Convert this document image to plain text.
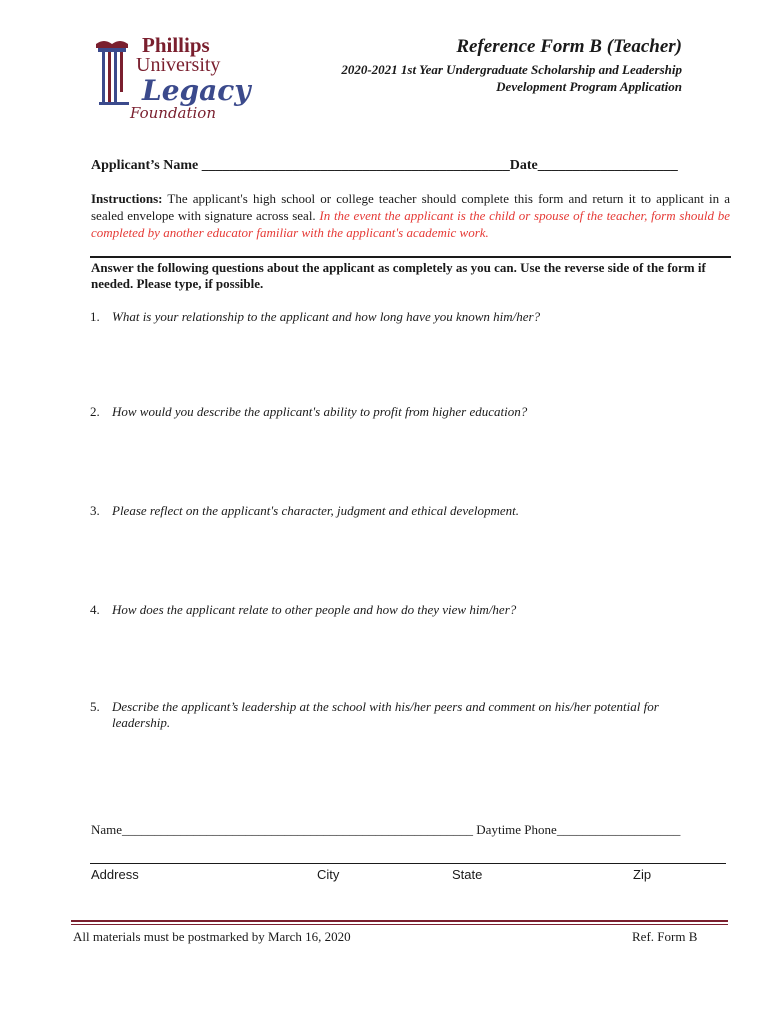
Phillips
University
Legacy
Foundation
Reference Form B (Teacher)
2020-2021 1st Year Undergraduate Scholarship and Leadership
Development Program Application
Applicant’s Name ____________________________________________Date____________________
Instructions: The applicant's high school or college teacher should complete this form and return it to applicant in a sealed envelope with signature across seal. In the event the applicant is the child or spouse of the teacher, form should be completed by another educator familiar with the applicant's academic work.
Answer the following questions about the applicant as completely as you can. Use the reverse side of the form if needed. Please type, if possible.
1. What is your relationship to the applicant and how long have you known him/her?
2. How would you describe the applicant's ability to profit from higher education?
3. Please reflect on the applicant's character, judgment and ethical development.
4. How does the applicant relate to other people and how do they view him/her?
5. Describe the applicant’s leadership at the school with his/her peers and comment on his/her potential for leadership.
Name______________________________________________________ Daytime Phone___________________
Address	City	State	Zip
All materials must be postmarked by March 16, 2020	Ref. Form B
